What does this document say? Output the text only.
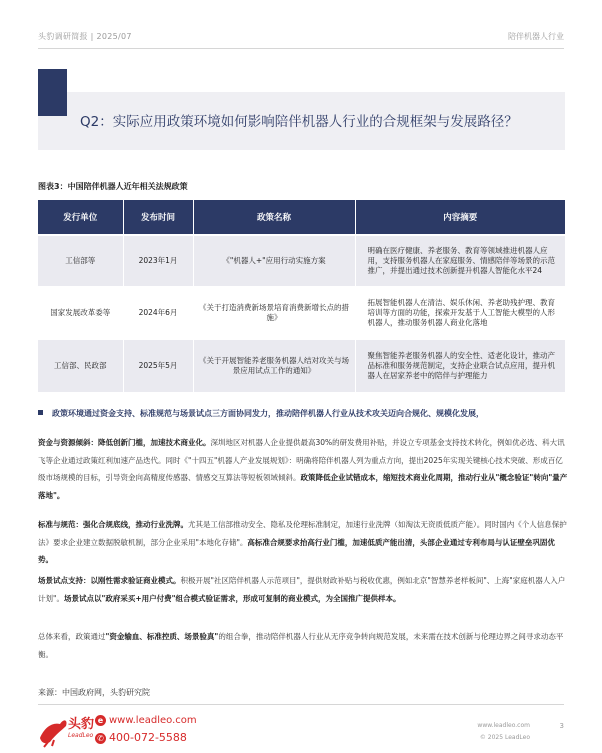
头豹调研简报 | 2025/07	陪伴机器人行业
Q2：实际应用政策环境如何影响陪伴机器人行业的合规框架与发展路径？
图表3：中国陪伴机器人近年相关法规政策
发行单位	发布时间	政策名称	内容摘要
工信部等	2023年1月	《"机器人+"应用行动实施方案	明确在医疗健康、养老服务、教育等领域推进机器人应用，支持服务机器人在家庭服务、情感陪伴等场景的示范推广，并提出通过技术创新提升机器人智能化水平24
国家发展改革委等	2024年6月	《关于打造消费新场景培育消费新增长点的措施》	拓展智能机器人在清洁、娱乐休闲、养老助残护理、教育培训等方面的功能，探索开发基于人工智能大模型的人形机器人，推动服务机器人商业化落地
工信部、民政部	2025年5月	《关于开展智能养老服务机器人结对攻关与场景应用试点工作的通知》	聚焦智能养老服务机器人的安全性、适老化设计，推动产品标准和服务规范制定，支持企业联合试点应用，提升机器人在居家养老中的陪伴与护理能力
政策环境通过资金支持、标准规范与场景试点三方面协同发力，推动陪伴机器人行业从技术攻关迈向合规化、规模化发展，
资金与资源倾斜：降低创新门槛，加速技术商业化。深圳地区对机器人企业提供最高30%的研发费用补贴，并设立专项基金支持技术转化，例如优必选、科大讯飞等企业通过政策红利加速产品迭代。同时《"十四五"机器人产业发展规划》：明确将陪伴机器人列为重点方向，提出2025年实现关键核心技术突破、形成百亿级市场规模的目标，引导资金向高精度传感器、情感交互算法等短板领域倾斜。政策降低企业试错成本，缩短技术商业化周期，推动行业从"概念验证"转向"量产落地"。
标准与规范：强化合规底线，推动行业洗牌。尤其是工信部推动安全、隐私及伦理标准制定，加速行业洗牌（如淘汰无资质低质产能）。同时国内《个人信息保护法》要求企业建立数据脱敏机制，部分企业采用"本地化存储"。高标准合规要求抬高行业门槛，加速低质产能出清，头部企业通过专利布局与认证壁垒巩固优势。
场景试点支持：以刚性需求验证商业模式。积极开展"社区陪伴机器人示范项目"，提供财政补贴与税收优惠，例如北京"智慧养老样板间"、上海"家庭机器人入户计划"。场景试点以"政府采买+用户付费"组合模式验证需求，形成可复制的商业模式，为全国推广提供样本。
总体来看，政策通过"资金输血、标准控质、场景验真"的组合拳，推动陪伴机器人行业从无序竞争转向规范发展，未来需在技术创新与伦理边界之间寻求动态平衡。
来源：中国政府网，头豹研究院
头豹
LeadLeo
e www.leadleo.com
✆ 400-072-5588
www.leadleo.com
© 2025 LeadLeo
3
